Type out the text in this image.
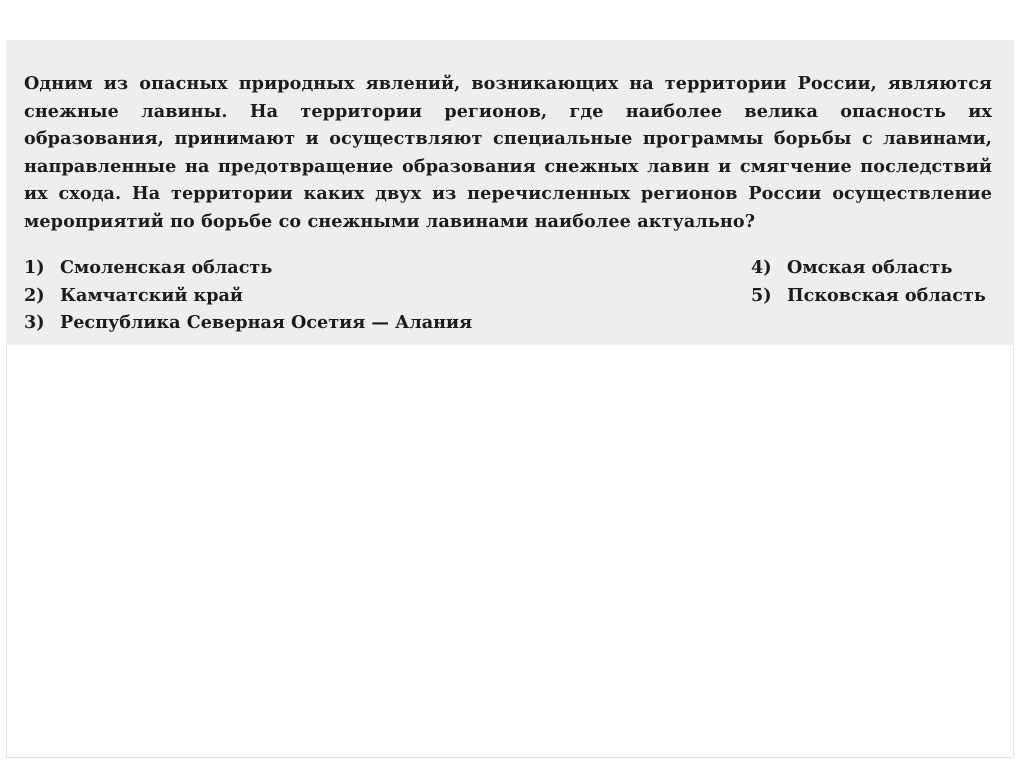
Одним из опасных природных явлений, возникающих на территории России, являются снежные лавины. На территории регионов, где наиболее велика опасность их образования, принимают и осуществляют специальные программы борьбы с лавинами, направленные на предотвращение образования снежных лавин и смягчение последствий их схода. На территории каких двух из перечисленных регионов России осуществление мероприятий по борьбе со снежными лавинами наиболее актуально?
1) Смоленская область
2) Камчатский край
3) Республика Северная Осетия — Алания
4) Омская область
5) Псковская область
